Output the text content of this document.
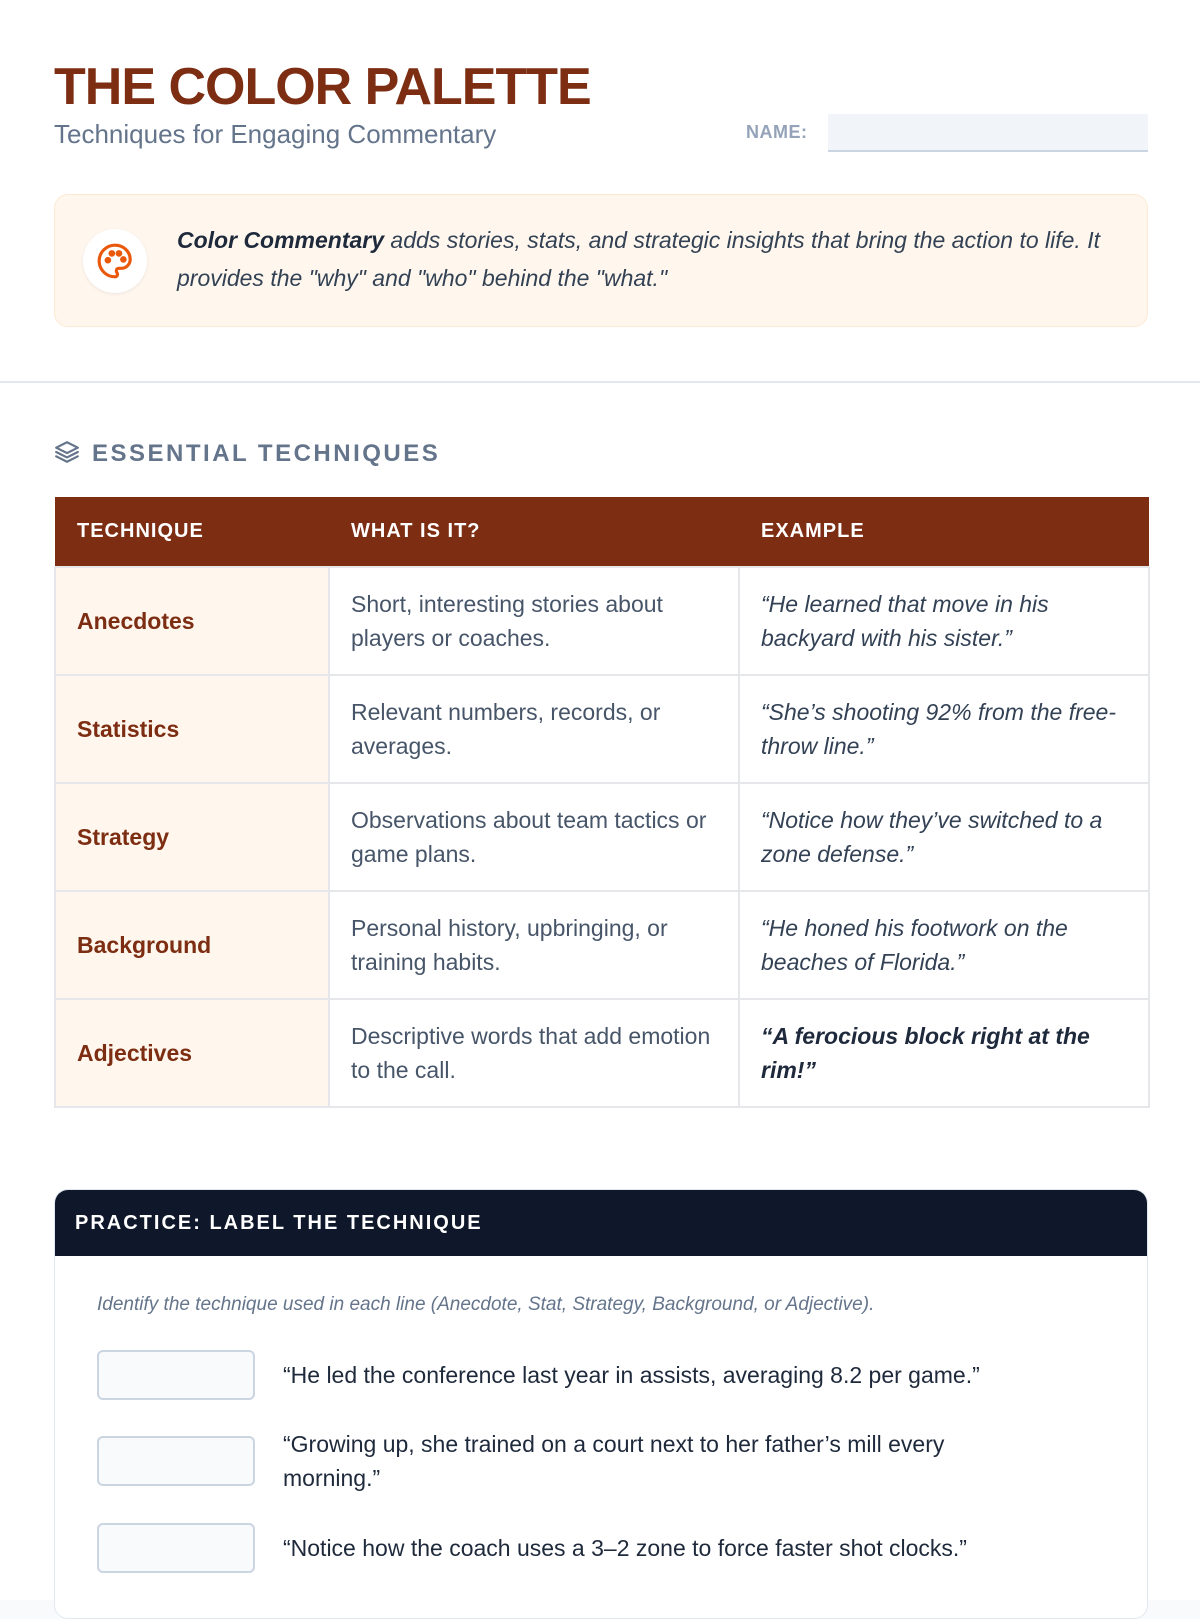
THE COLOR PALETTE
Techniques for Engaging Commentary	NAME:
Color Commentary adds stories, stats, and strategic insights that bring the action to life. It provides the "why" and "who" behind the "what."
ESSENTIAL TECHNIQUES
TECHNIQUE	WHAT IS IT?	EXAMPLE
Anecdotes	Short, interesting stories about players or coaches.	“He learned that move in his backyard with his sister.”
Statistics	Relevant numbers, records, or averages.	“She’s shooting 92% from the free-throw line.”
Strategy	Observations about team tactics or game plans.	“Notice how they’ve switched to a zone defense.”
Background	Personal history, upbringing, or training habits.	“He honed his footwork on the beaches of Florida.”
Adjectives	Descriptive words that add emotion to the call.	“A ferocious block right at the rim!”
PRACTICE: LABEL THE TECHNIQUE
Identify the technique used in each line (Anecdote, Stat, Strategy, Background, or Adjective).
“He led the conference last year in assists, averaging 8.2 per game.”
“Growing up, she trained on a court next to her father’s mill every morning.”
“Notice how the coach uses a 3–2 zone to force faster shot clocks.”
